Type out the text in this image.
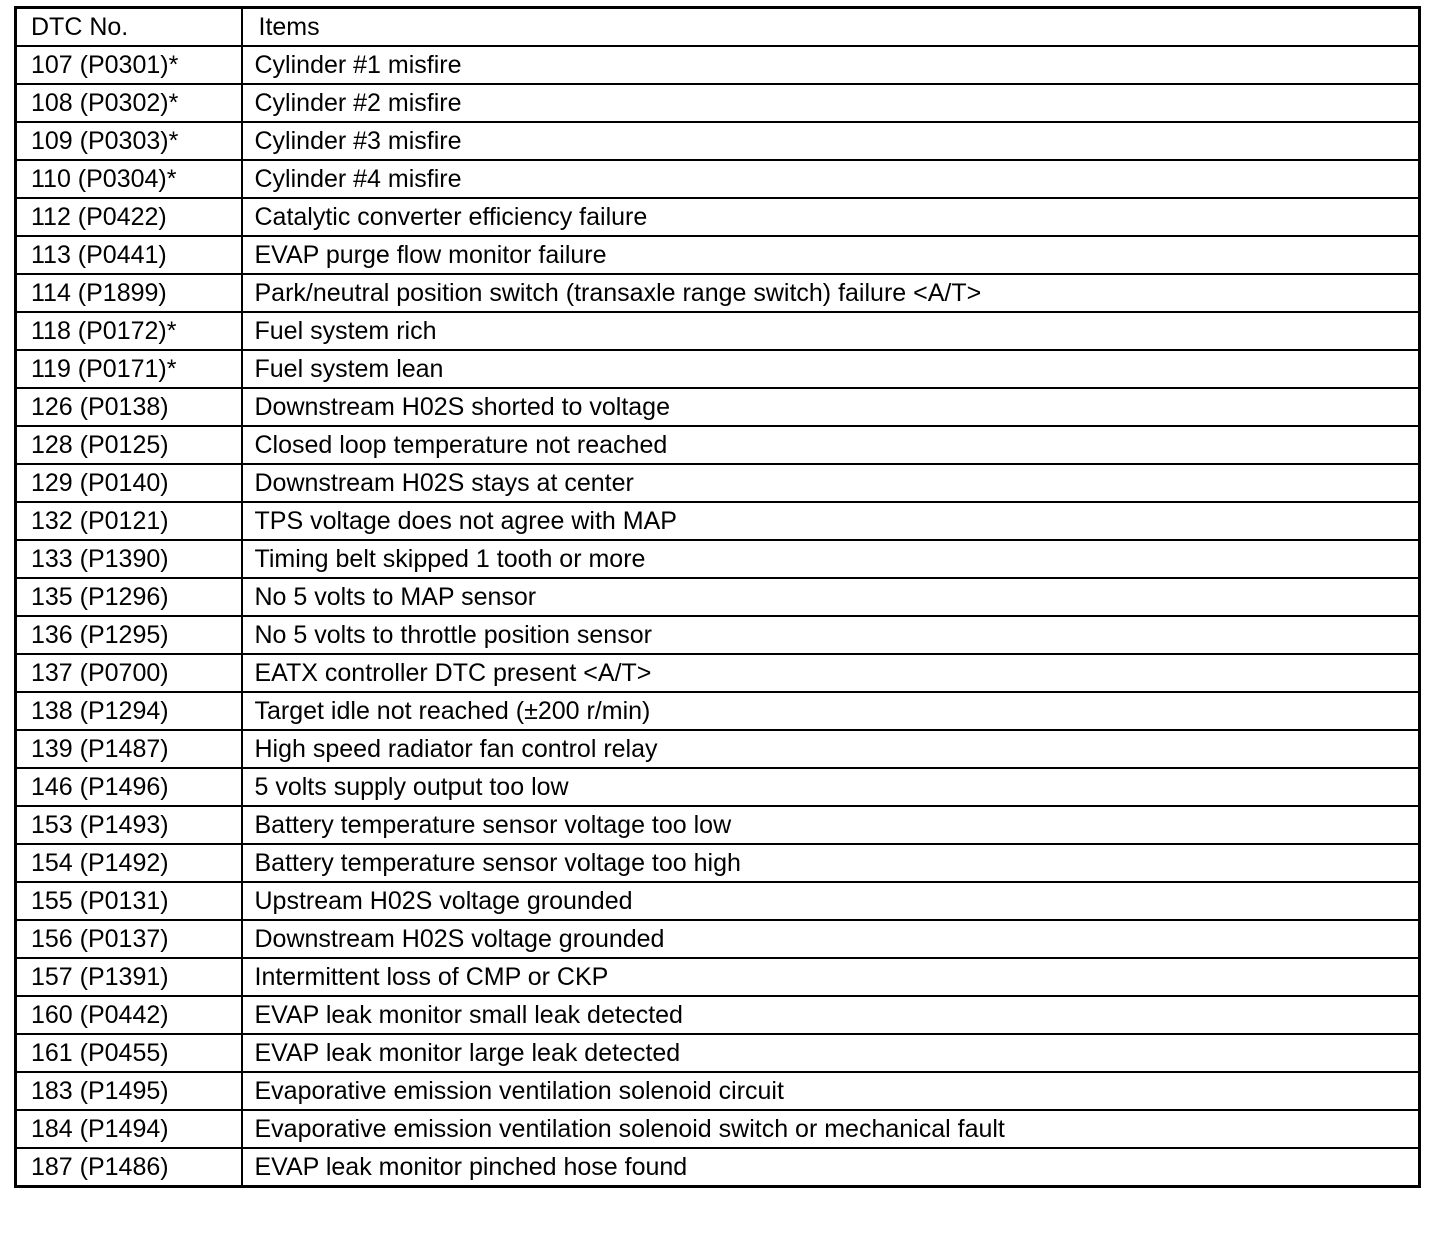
DTC No.	Items
107 (P0301)*	Cylinder #1 misfire
108 (P0302)*	Cylinder #2 misfire
109 (P0303)*	Cylinder #3 misfire
110 (P0304)*	Cylinder #4 misfire
112 (P0422)	Catalytic converter efficiency failure
113 (P0441)	EVAP purge flow monitor failure
114 (P1899)	Park/neutral position switch (transaxle range switch) failure <A/T>
118 (P0172)*	Fuel system rich
119 (P0171)*	Fuel system lean
126 (P0138)	Downstream H02S shorted to voltage
128 (P0125)	Closed loop temperature not reached
129 (P0140)	Downstream H02S stays at center
132 (P0121)	TPS voltage does not agree with MAP
133 (P1390)	Timing belt skipped 1 tooth or more
135 (P1296)	No 5 volts to MAP sensor
136 (P1295)	No 5 volts to throttle position sensor
137 (P0700)	EATX controller DTC present <A/T>
138 (P1294)	Target idle not reached (±200 r/min)
139 (P1487)	High speed radiator fan control relay
146 (P1496)	5 volts supply output too low
153 (P1493)	Battery temperature sensor voltage too low
154 (P1492)	Battery temperature sensor voltage too high
155 (P0131)	Upstream H02S voltage grounded
156 (P0137)	Downstream H02S voltage grounded
157 (P1391)	Intermittent loss of CMP or CKP
160 (P0442)	EVAP leak monitor small leak detected
161 (P0455)	EVAP leak monitor large leak detected
183 (P1495)	Evaporative emission ventilation solenoid circuit
184 (P1494)	Evaporative emission ventilation solenoid switch or mechanical fault
187 (P1486)	EVAP leak monitor pinched hose found
